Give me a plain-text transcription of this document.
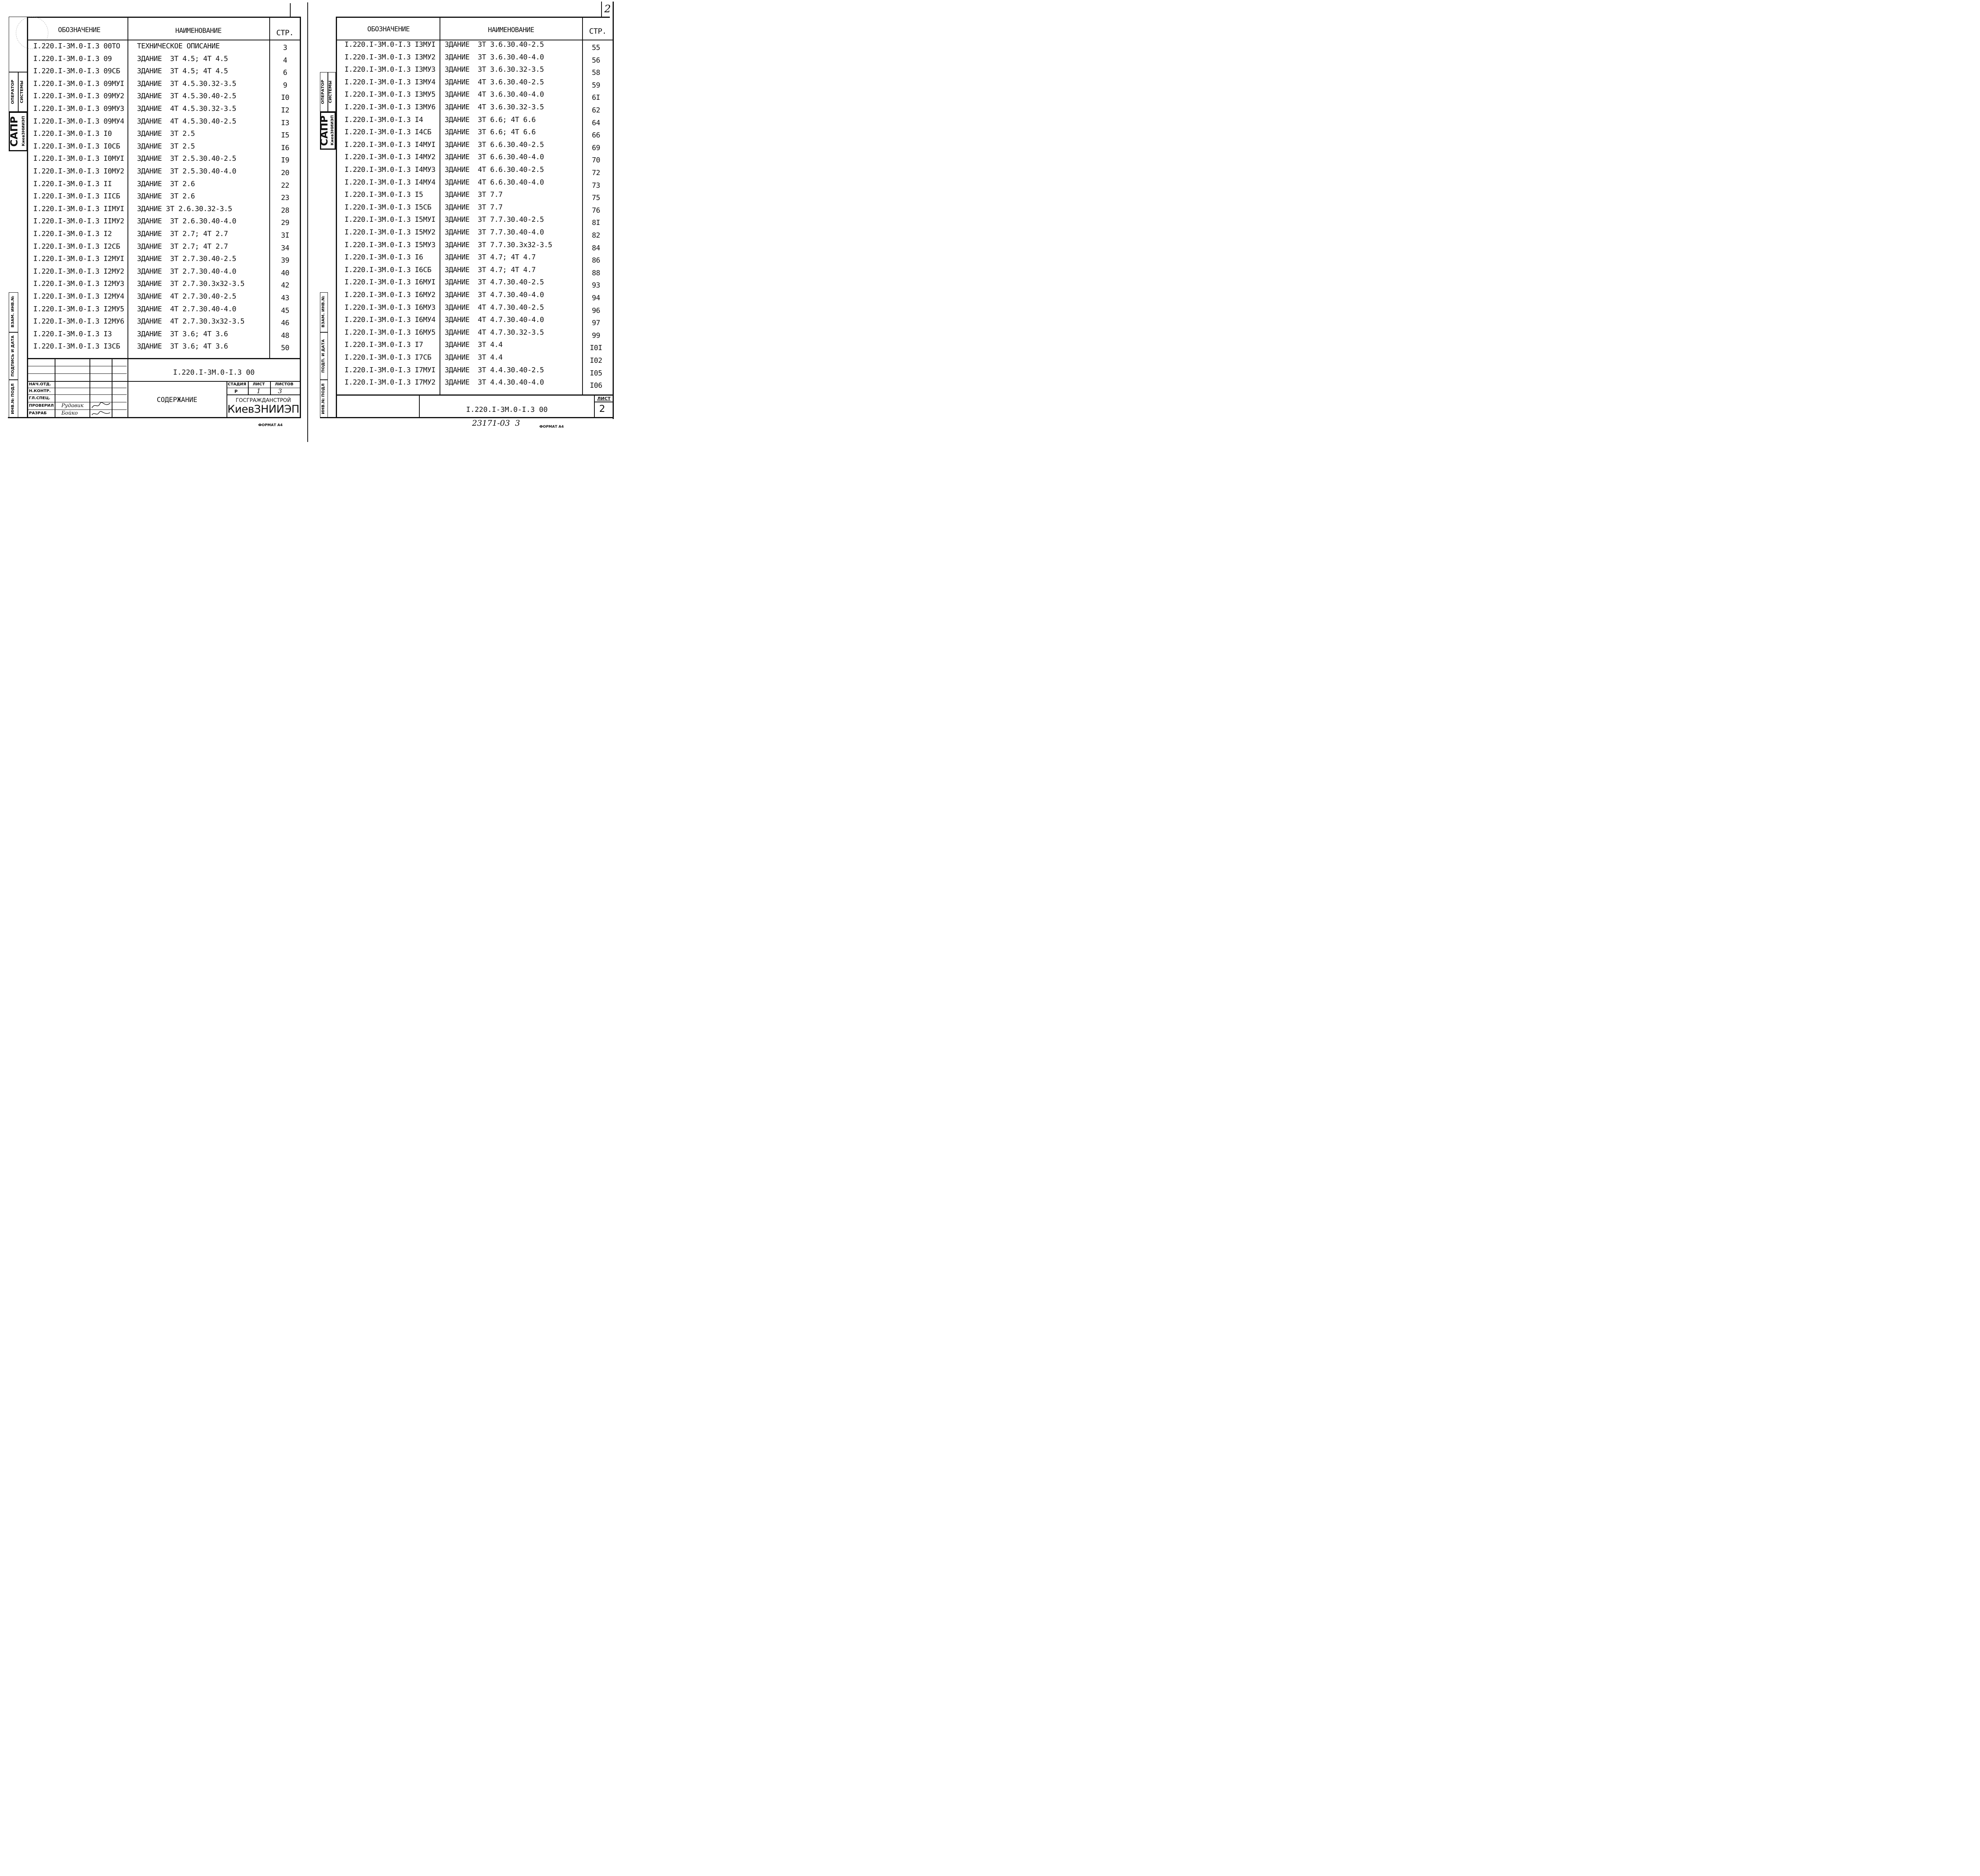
ОБОЗНАЧЕНИЕ	НАИМЕНОВАНИЕ	СТР.
I.220.I-3M.0-I.3 00TO ТЕХНИЧЕСКОЕ ОПИСАНИЕ	3
I.220.I-3M.0-I.3 09	ЗДАНИЕ  3Т 4.5; 4Т 4.5	4
I.220.I-3M.0-I.3 09СБ ЗДАНИЕ  3Т 4.5; 4Т 4.5	6
I.220.I-3M.0-I.3 09МУI ЗДАНИЕ  3Т 4.5.30.32-3.5	9
I.220.I-3M.0-I.3 09МУ2 ЗДАНИЕ  3Т 4.5.30.40-2.5	I0
I.220.I-3M.0-I.3 09МУ3 ЗДАНИЕ  4Т 4.5.30.32-3.5	I2
I.220.I-3M.0-I.3 09МУ4 ЗДАНИЕ  4Т 4.5.30.40-2.5	I3
I.220.I-3M.0-I.3 I0	ЗДАНИЕ  3Т 2.5	I5
I.220.I-3M.0-I.3 I0СБ ЗДАНИЕ  3Т 2.5	I6
I.220.I-3M.0-I.3 I0МУI ЗДАНИЕ  3Т 2.5.30.40-2.5	I9
I.220.I-3M.0-I.3 I0МУ2 ЗДАНИЕ  3Т 2.5.30.40-4.0	20
I.220.I-3M.0-I.3 II	ЗДАНИЕ  3Т 2.6	22
I.220.I-3M.0-I.3 IIСБ ЗДАНИЕ  3Т 2.6	23
I.220.I-3M.0-I.3 IIМУI ЗДАНИЕ 3Т 2.6.30.32-3.5	28
I.220.I-3M.0-I.3 IIМУ2 ЗДАНИЕ  3Т 2.6.30.40-4.0	29
I.220.I-3M.0-I.3 I2	ЗДАНИЕ  3Т 2.7; 4Т 2.7	3I
I.220.I-3M.0-I.3 I2СБ ЗДАНИЕ  3Т 2.7; 4Т 2.7	34
I.220.I-3M.0-I.3 I2МУI ЗДАНИЕ  3Т 2.7.30.40-2.5	39
I.220.I-3M.0-I.3 I2МУ2 ЗДАНИЕ  3Т 2.7.30.40-4.0	40
I.220.I-3M.0-I.3 I2МУ3 ЗДАНИЕ  3Т 2.7.30.3x32-3.5	42
I.220.I-3M.0-I.3 I2МУ4 ЗДАНИЕ  4Т 2.7.30.40-2.5	43
I.220.I-3M.0-I.3 I2МУ5 ЗДАНИЕ  4Т 2.7.30.40-4.0	45
I.220.I-3M.0-I.3 I2МУ6 ЗДАНИЕ  4Т 2.7.30.3x32-3.5	46
I.220.I-3M.0-I.3 I3	ЗДАНИЕ  3Т 3.6; 4Т 3.6	48
I.220.I-3M.0-I.3 I3СБ ЗДАНИЕ  3Т 3.6; 4Т 3.6	50
ОПЕРАТОР	СИСТЕМЫ
САПР КиевЗНИИЭП
ВЗАМ. ИНВ.№
ПОДПИСЬ И ДАТА
ИНВ.№ ПОДЛ
I.220.I-3M.0-I.3 00
СОДЕРЖАНИЕ
СТАДИЯ ЛИСТ	ЛИСТОВ
Р	1	3
ГОСГРАЖДАНСТРОЙ
КиевЗНИИЭП
НАЧ.ОТД.
Н.КОНТР.
ГЛ.СПЕЦ.
ПРОВЕРИЛ
РАЗРАБ
Рудавик
Бойко
ФОРМАТ А4
2
ОБОЗНАЧЕНИЕ	НАИМЕНОВАНИЕ	СТР.
I.220.I-3M.0-I.3 I3МУI ЗДАНИЕ  3Т 3.6.30.40-2.5	55
I.220.I-3M.0-I.3 I3МУ2 ЗДАНИЕ  3Т 3.6.30.40-4.0	56
I.220.I-3M.0-I.3 I3МУ3 ЗДАНИЕ  3Т 3.6.30.32-3.5	58
I.220.I-3M.0-I.3 I3МУ4 ЗДАНИЕ  4Т 3.6.30.40-2.5	59
I.220.I-3M.0-I.3 I3МУ5 ЗДАНИЕ  4Т 3.6.30.40-4.0	6I
I.220.I-3M.0-I.3 I3МУ6 ЗДАНИЕ  4Т 3.6.30.32-3.5	62
I.220.I-3M.0-I.3 I4	ЗДАНИЕ  3Т 6.6; 4Т 6.6	64
I.220.I-3M.0-I.3 I4СБ ЗДАНИЕ  3Т 6.6; 4Т 6.6	66
I.220.I-3M.0-I.3 I4МУI ЗДАНИЕ  3Т 6.6.30.40-2.5	69
I.220.I-3M.0-I.3 I4МУ2 ЗДАНИЕ  3Т 6.6.30.40-4.0	70
I.220.I-3M.0-I.3 I4МУ3 ЗДАНИЕ  4Т 6.6.30.40-2.5	72
I.220.I-3M.0-I.3 I4МУ4 ЗДАНИЕ  4Т 6.6.30.40-4.0	73
I.220.I-3M.0-I.3 I5	ЗДАНИЕ  3Т 7.7	75
I.220.I-3M.0-I.3 I5СБ ЗДАНИЕ  3Т 7.7	76
I.220.I-3M.0-I.3 I5МУI ЗДАНИЕ  3Т 7.7.30.40-2.5	8I
I.220.I-3M.0-I.3 I5МУ2 ЗДАНИЕ  3Т 7.7.30.40-4.0	82
I.220.I-3M.0-I.3 I5МУ3 ЗДАНИЕ  3Т 7.7.30.3x32-3.5	84
I.220.I-3M.0-I.3 I6	ЗДАНИЕ  3Т 4.7; 4Т 4.7	86
I.220.I-3M.0-I.3 I6СБ ЗДАНИЕ  3Т 4.7; 4Т 4.7	88
I.220.I-3M.0-I.3 I6МУI ЗДАНИЕ  3Т 4.7.30.40-2.5	93
I.220.I-3M.0-I.3 I6МУ2 ЗДАНИЕ  3Т 4.7.30.40-4.0	94
I.220.I-3M.0-I.3 I6МУ3 ЗДАНИЕ  4Т 4.7.30.40-2.5	96
I.220.I-3M.0-I.3 I6МУ4 ЗДАНИЕ  4Т 4.7.30.40-4.0	97
I.220.I-3M.0-I.3 I6МУ5 ЗДАНИЕ  4Т 4.7.30.32-3.5	99
I.220.I-3M.0-I.3 I7	ЗДАНИЕ  3Т 4.4	I0I
I.220.I-3M.0-I.3 I7СБ ЗДАНИЕ  3Т 4.4	I02
I.220.I-3M.0-I.3 I7МУI ЗДАНИЕ  3Т 4.4.30.40-2.5	I05
I.220.I-3M.0-I.3 I7МУ2 ЗДАНИЕ  3Т 4.4.30.40-4.0	I06
ОПЕРАТОР СИСТЕМЫ
САПР КиевЗНИИЭП
ВЗАМ. ИНВ.№
ПОДП. И ДАТА
ИНВ.№ ПОДЛ	ЛИСТ
2
I.220.I-3M.0-I.3 00
23171-03  3	ФОРМАТ А4
